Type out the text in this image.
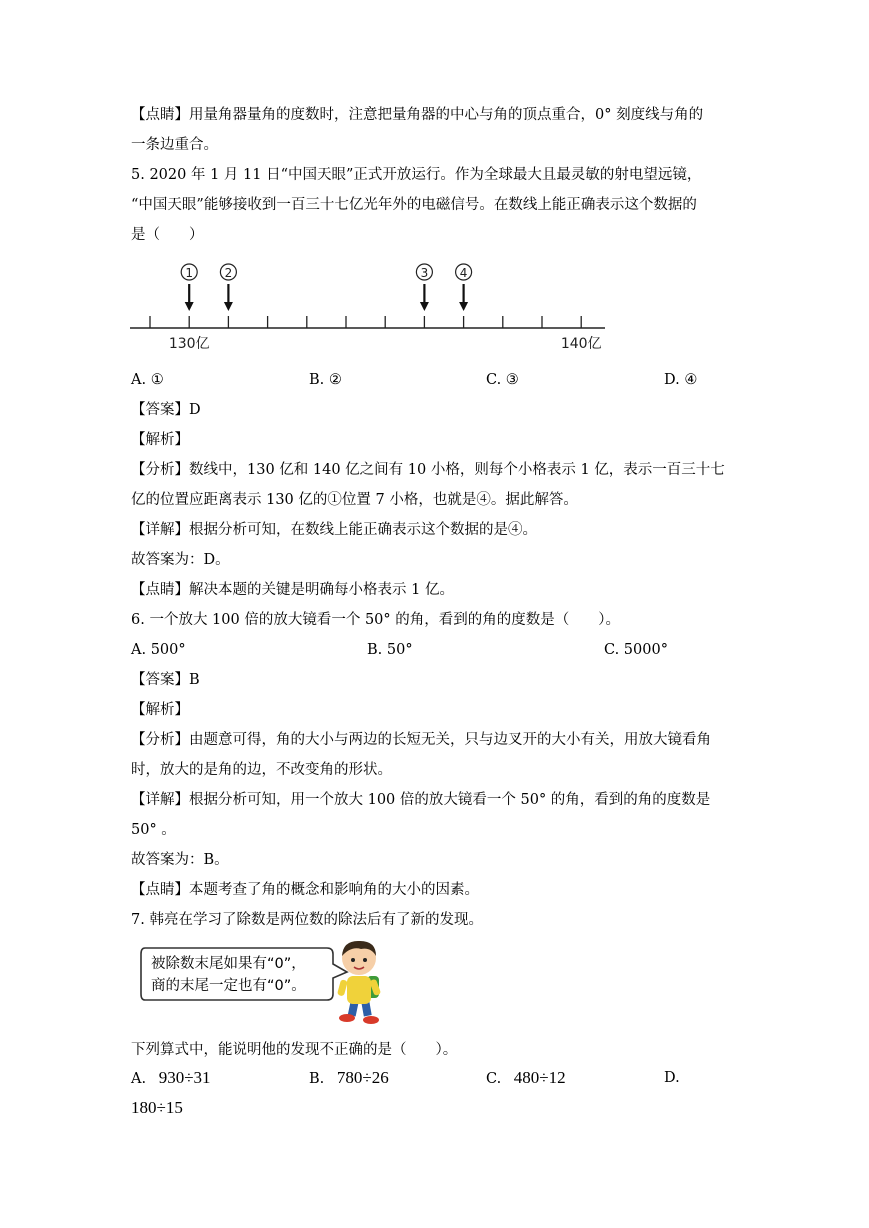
【点睛】用量角器量角的度数时，注意把量角器的中心与角的顶点重合，0° 刻度线与角的
一条边重合。
5. 2020 年 1 月 11 日“中国天眼”正式开放运行。作为全球最大且最灵敏的射电望远镜，
“中国天眼”能够接收到一百三十七亿光年外的电磁信号。在数线上能正确表示这个数据的
是（　　）
1	2	3	4
130亿	140亿
A. ①	B. ②	C. ③	D. ④
【答案】D
【解析】
【分析】数线中，130 亿和 140 亿之间有 10 小格，则每个小格表示 1 亿，表示一百三十七
亿的位置应距离表示 130 亿的①位置 7 小格，也就是④。据此解答。
【详解】根据分析可知，在数线上能正确表示这个数据的是④。
故答案为：D。
【点睛】解决本题的关键是明确每小格表示 1 亿。
6. 一个放大 100 倍的放大镜看一个 50° 的角，看到的角的度数是（　　）。
A. 500°	B. 50°	C. 5000°
【答案】B
【解析】
【分析】由题意可得，角的大小与两边的长短无关，只与边叉开的大小有关，用放大镜看角
时，放大的是角的边，不改变角的形状。
【详解】根据分析可知，用一个放大 100 倍的放大镜看一个 50° 的角，看到的角的度数是
50° 。
故答案为：B。
【点睛】本题考查了角的概念和影响角的大小的因素。
7. 韩亮在学习了除数是两位数的除法后有了新的发现。
被除数末尾如果有“0”，
商的末尾一定也有“0”。
下列算式中，能说明他的发现不正确的是（　　）。
A. 930÷31	B. 780÷26	C. 480÷12	D.
180÷15
